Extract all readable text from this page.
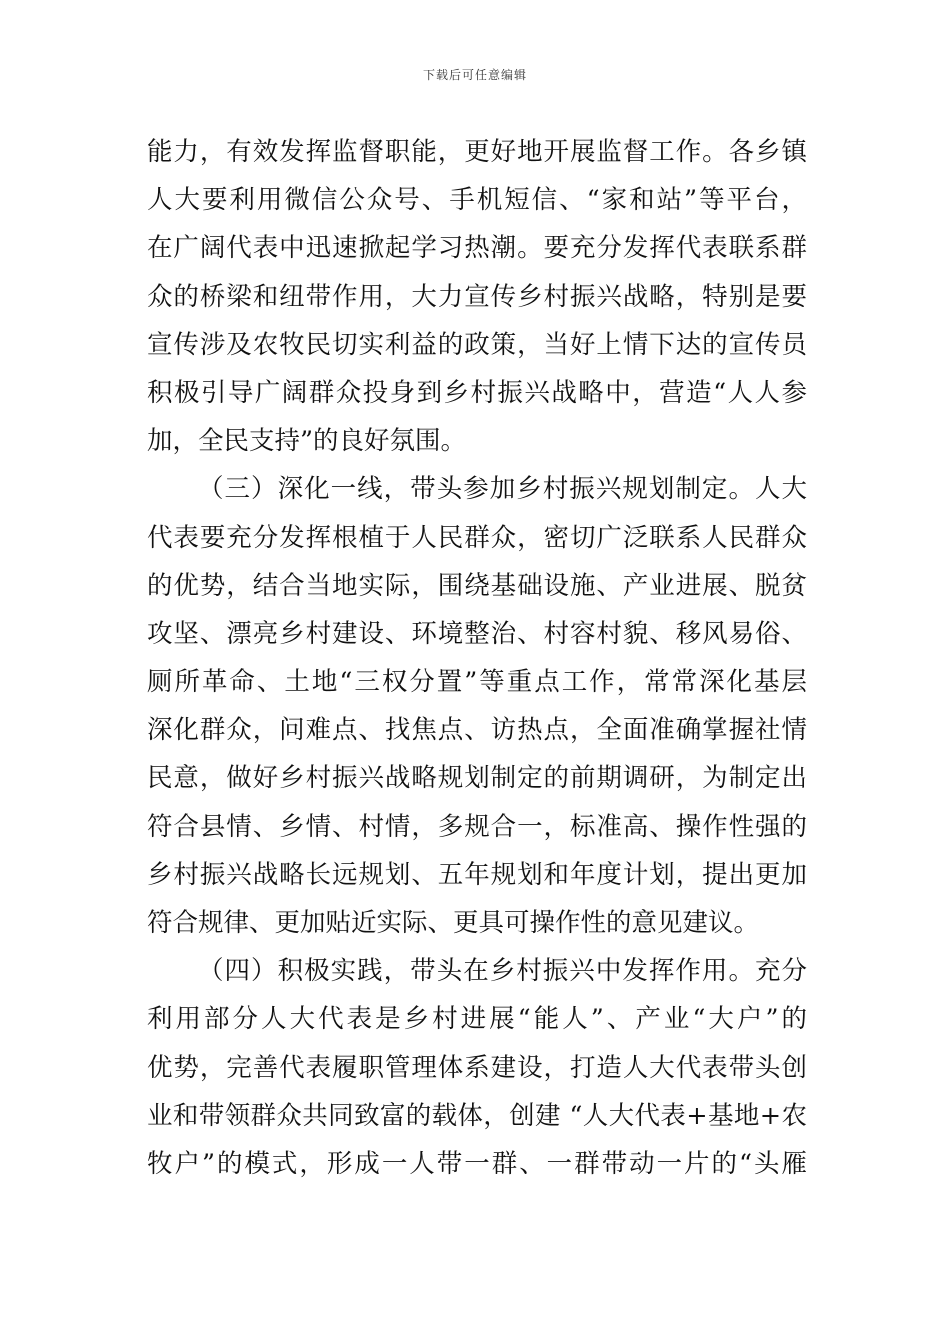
下载后可任意编辑
能力，有效发挥监督职能，更好地开展监督工作。各乡镇
人大要利用微信公众号、手机短信、“家和站”等平台，
在广阔代表中迅速掀起学习热潮。要充分发挥代表联系群
众的桥梁和纽带作用，大力宣传乡村振兴战略，特别是要
宣传涉及农牧民切实利益的政策，当好上情下达的宣传员
积极引导广阔群众投身到乡村振兴战略中，营造“人人参
加，全民支持”的良好氛围。
（三）深化一线，带头参加乡村振兴规划制定。人大
代表要充分发挥根植于人民群众，密切广泛联系人民群众
的优势，结合当地实际，围绕基础设施、产业进展、脱贫
攻坚、漂亮乡村建设、环境整治、村容村貌、移风易俗、
厕所革命、土地“三权分置”等重点工作，常常深化基层
深化群众，问难点、找焦点、访热点，全面准确掌握社情
民意，做好乡村振兴战略规划制定的前期调研，为制定出
符合县情、乡情、村情，多规合一，标准高、操作性强的
乡村振兴战略长远规划、五年规划和年度计划，提出更加
符合规律、更加贴近实际、更具可操作性的意见建议。
（四）积极实践，带头在乡村振兴中发挥作用。充分
利用部分人大代表是乡村进展“能人”、产业“大户”的
优势，完善代表履职管理体系建设，打造人大代表带头创
业和带领群众共同致富的载体，创建 “人大代表+基地+农
牧户”的模式，形成一人带一群、一群带动一片的“头雁
